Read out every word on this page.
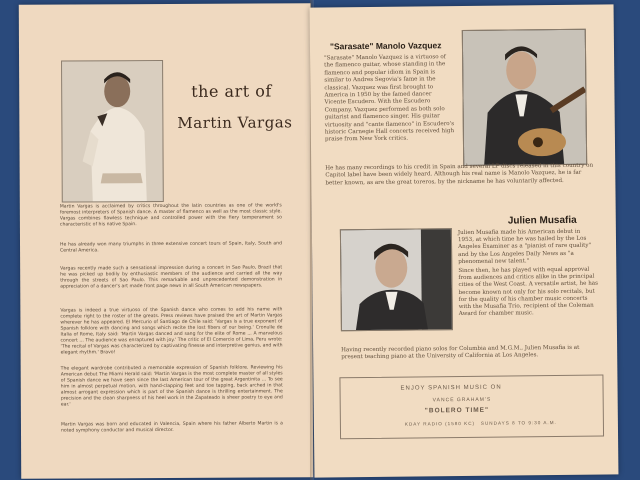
the art of
Martin Vargas
Martin Vargas is acclaimed by critics throughout the latin countries as one of the world's foremost interpreters of Spanish dance. A master of flamenco as well as the most classic style. Vargas combines flawless technique and controlled power with the fiery temperament so characteristic of his native Spain.
He has already won many triumphs in three extensive concert tours of Spain, Italy, South and Central America.
Vargas recently made such a sensational impression during a concert in Sao Paulo, Brazil that he was picked up bodily by enthusiastic members of the audience and carried all the way through the streets of Sao Paulo. This remarkable and unprecedented demonstration in appreciation of a dancer's art made front page news in all South American newspapers.
Vargas is indeed a true virtuoso of the Spanish dance who comes to add his name with complete right to the roster of the greats. Press reviews have praised the art of Martin Vargas wherever he has appeared. El Mercurio of Santiago de Chile said: 'Vargas is a true exponent of Spanish folklore with dancing and songs which recite the lost fibers of our being.' Cronulle de Italia of Rome, Italy said: 'Martin Vargas danced and sang for the elite of Rome ... A marvelous concert ... The audience was enraptured with joy.' The critic of El Comercio of Lima, Peru wrote: 'The recital of Vargas was characterized by captivating finesse and interpretive genius, and with elegant rhythm.' Bravo!
The elegant wardrobe contributed a memorable expression of Spanish folklore. Reviewing his American debut The Miami Herald said: 'Martin Vargas is the most complete master of all styles of Spanish dance we have seen since the last American tour of the great Argentinita ... To see him in almost perpetual motion, with hand-clapping feet and toe tapping, back arched in that almost arrogant expression which is part of the Spanish dance is thrilling entertainment. The precision and the clean sharpness of his heel work in the Zapateado is sheer poetry to eye and ear.'
Martin Vargas was born and educated in Valencia, Spain where his father Alberto Martin is a noted symphony conductor and musical director.
"Sarasate" Manolo Vazquez
"Sarasate" Manolo Vazquez is a virtuoso of the flamenco guitar, whose standing in the flamenco and popular idiom in Spain is similar to Andres Segovia's fame in the classical. Vazquez was first brought to America in 1950 by the famed dancer Vicente Escudero. With the Escudero Company, Vazquez performed as both solo guitarist and flamenco singer. His guitar virtuosity and "cante flamenco" in Escudero's historic Carnegie Hall concerts received high praise from New York critics.
He has many recordings to his credit in Spain and several LP discs released in this country on Capitol label have been widely heard. Although his real name is Manolo Vazquez, he is far better known, as are the great toreros, by the nickname he has voluntarily affected.
Julien Musafia
Julien Musafia made his American debut in 1953, at which time he was hailed by the Los Angeles Examiner as a "pianist of rare quality" and by the Los Angeles Daily News as "a phenomenal new talent."
Since then, he has played with equal approval from audiences and critics alike in the principal cities of the West Coast. A versatile artist, he has become known not only for his solo recitals, but for the quality of his chamber music concerts with the Musafia Trio, recipient of the Coleman Award for chamber music.
Having recently recorded piano solos for Columbia and M.G.M., Julien Musafia is at present teaching piano at the University of California at Los Angeles.
ENJOY SPANISH MUSIC ON
VANCE GRAHAM'S
"BOLERO TIME"
KDAY RADIO (1580 KC) SUNDAYS 8 TO 9:30 A.M.
